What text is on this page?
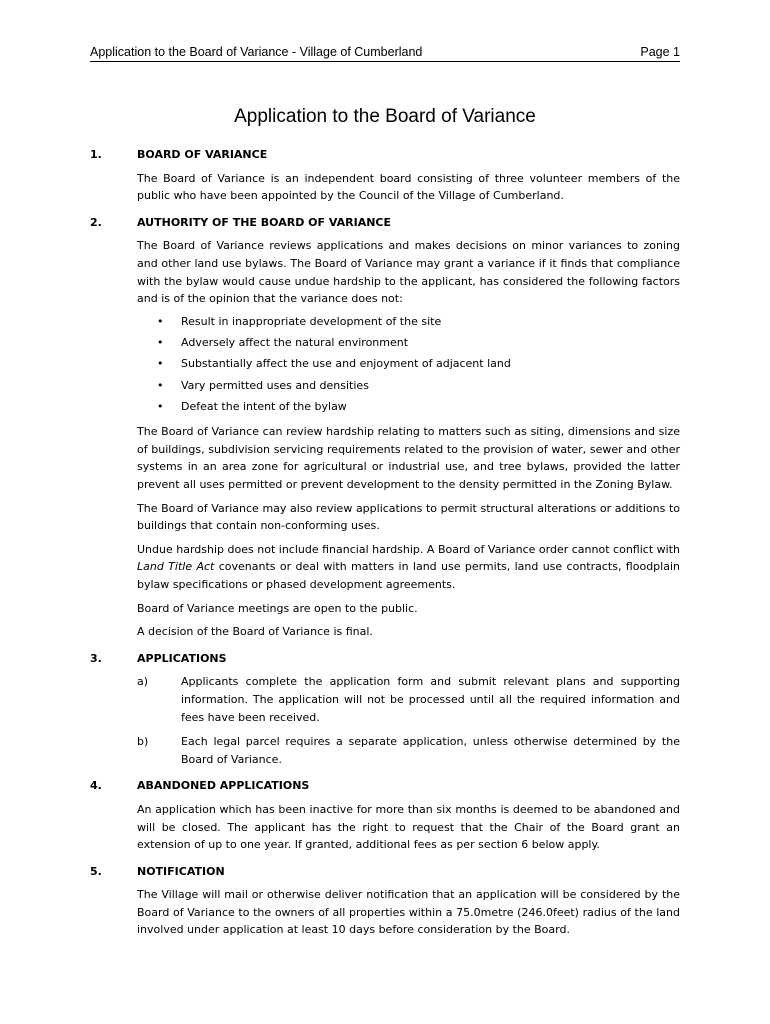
Application to the Board of Variance - Village of Cumberland	Page 1
Application to the Board of Variance
1.	BOARD OF VARIANCE
The Board of Variance is an independent board consisting of three volunteer members of the public who have been appointed by the Council of the Village of Cumberland.
2.	AUTHORITY OF THE BOARD OF VARIANCE
The Board of Variance reviews applications and makes decisions on minor variances to zoning and other land use bylaws. The Board of Variance may grant a variance if it finds that compliance with the bylaw would cause undue hardship to the applicant, has considered the following factors and is of the opinion that the variance does not:
• Result in inappropriate development of the site
• Adversely affect the natural environment
• Substantially affect the use and enjoyment of adjacent land
• Vary permitted uses and densities
• Defeat the intent of the bylaw
The Board of Variance can review hardship relating to matters such as siting, dimensions and size of buildings, subdivision servicing requirements related to the provision of water, sewer and other systems in an area zone for agricultural or industrial use, and tree bylaws, provided the latter prevent all uses permitted or prevent development to the density permitted in the Zoning Bylaw.
The Board of Variance may also review applications to permit structural alterations or additions to buildings that contain non-conforming uses.
Undue hardship does not include financial hardship. A Board of Variance order cannot conflict with Land Title Act covenants or deal with matters in land use permits, land use contracts, floodplain bylaw specifications or phased development agreements.
Board of Variance meetings are open to the public.
A decision of the Board of Variance is final.
3.	APPLICATIONS
a)	Applicants complete the application form and submit relevant plans and supporting information. The application will not be processed until all the required information and fees have been received.
b)	Each legal parcel requires a separate application, unless otherwise determined by the Board of Variance.
4.	ABANDONED APPLICATIONS
An application which has been inactive for more than six months is deemed to be abandoned and will be closed. The applicant has the right to request that the Chair of the Board grant an extension of up to one year. If granted, additional fees as per section 6 below apply.
5.	NOTIFICATION
The Village will mail or otherwise deliver notification that an application will be considered by the Board of Variance to the owners of all properties within a 75.0metre (246.0feet) radius of the land involved under application at least 10 days before consideration by the Board.
